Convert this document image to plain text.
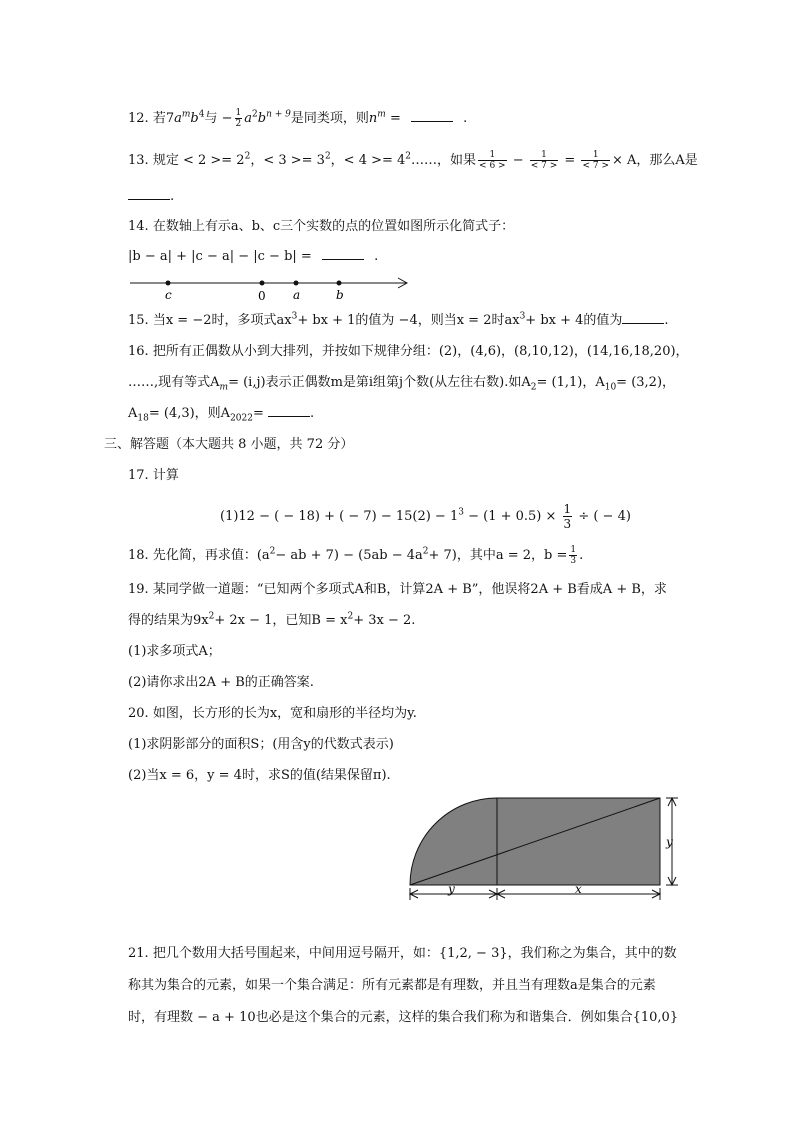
12. 若$7a^mb^4$与 − $\frac{1}{2} a^2b^{n + 9}$是同类项，则$n^m$ =	.
13. 规定 < $2 >= 2^2$，< $3 >= 3^2$，< $4 >= 4^2\dots\dots$，如果 $\frac{1}{< 6 >} - \frac{1}{< 7 >} = \frac{1}{< 7 >} \times A$，那么A是
.
14. 在数轴上有示a、b、c三个实数的点的位置如图所示化简式子：
|b − a| + |c − a| − |c − b| =	.
c	0 a	b
15. 当x = −2时，多项式$ax^3+$ bx + 1的值为 −4，则当x = 2时$ax^3+$ bx + 4的值为	.
16. 把所有正偶数从小到大排列，并按如下规律分组：(2)，(4,6)，(8,10,12)，(14,16,18,20)，
……,现有等式$A_m= (i,j)$表示正偶数m是第i组第j个数(从左往右数).如$A_2= (1,1)$，$A_{10}= (3,2)$，
$A_{18}= (4,3)$，则$A_{2022}=$	.
三、解答题（本大题共 8 小题，共 72 分）
17. 计算
(1)12 − ( − 18) + ( − $7) - 15(2) - 1^3 - (1 + 0.5) \times \frac{1}{3}$ ÷ ( − 4)
18. 先化简，再求值：($a^2-$ ab + $7) - (5ab - 4a^2+ 7)$，其中a = 2，$b = \frac{1}{3}$ .
19. 某同学做一道题：“已知两个多项式A和B，计算2A + B”，他误将2A + B看成A + B，求
得的结果为$9x^2+ 2x - 1$，已知$B = x^2+ 3x - 2$.
(1)求多项式A；
(2)请你求出2A + B的正确答案.
20. 如图，长方形的长为x，宽和扇形的半径均为y.
(1)求阴影部分的面积S；(用含y的代数式表示)
(2)当x = 6，y = 4时，求S的值(结果保留π).
y
y	x
21. 把几个数用大括号围起来，中间用逗号隔开，如：{1,2, − 3}，我们称之为集合，其中的数
称其为集合的元素，如果一个集合满足：所有元素都是有理数，并且当有理数a是集合的元素
时，有理数 − a + 10也必是这个集合的元素，这样的集合我们称为和谐集合．例如集合{10,0}
